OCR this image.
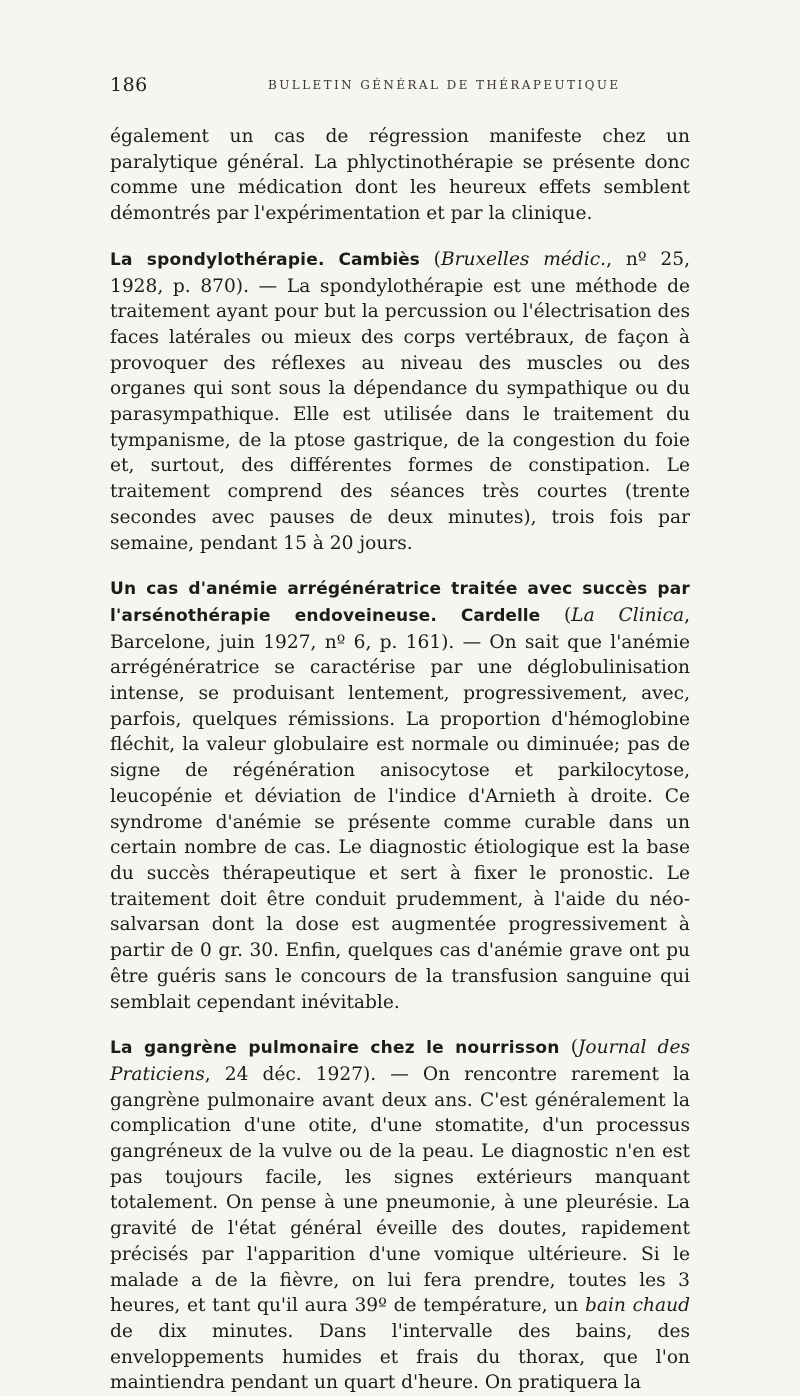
186	BULLETIN GÉNÉRAL DE THÉRAPEUTIQUE

également un cas de régression manifeste chez un paralytique général. La phlyctinothérapie se présente donc comme une médication dont les heureux effets semblent démontrés par l'expérimentation et par la clinique.

La spondylothérapie. Cambiès (Bruxelles médic., nº 25, 1928, p. 870). — La spondylothérapie est une méthode de traitement ayant pour but la percussion ou l'électrisation des faces latérales ou mieux des corps vertébraux, de façon à provoquer des réflexes au niveau des muscles ou des organes qui sont sous la dépendance du sympathique ou du parasympathique. Elle est utilisée dans le traitement du tympanisme, de la ptose gastrique, de la congestion du foie et, surtout, des différentes formes de constipation. Le traitement comprend des séances très courtes (trente secondes avec pauses de deux minutes), trois fois par semaine, pendant 15 à 20 jours.

Un cas d'anémie arrégénératrice traitée avec succès par l'arsénothérapie endoveineuse. Cardelle (La Clinica, Barcelone, juin 1927, nº 6, p. 161). — On sait que l'anémie arrégénératrice se caractérise par une déglobulinisation intense, se produisant lentement, progressivement, avec, parfois, quelques rémissions. La proportion d'hémoglobine fléchit, la valeur globulaire est normale ou diminuée; pas de signe de régénération anisocytose et parkilocytose, leucopénie et déviation de l'indice d'Arnieth à droite. Ce syndrome d'anémie se présente comme curable dans un certain nombre de cas. Le diagnostic étiologique est la base du succès thérapeutique et sert à fixer le pronostic. Le traitement doit être conduit prudemment, à l'aide du néo-salvarsan dont la dose est augmentée progressivement à partir de 0 gr. 30. Enfin, quelques cas d'anémie grave ont pu être guéris sans le concours de la transfusion sanguine qui semblait cependant inévitable.

La gangrène pulmonaire chez le nourrisson (Journal des Praticiens, 24 déc. 1927). — On rencontre rarement la gangrène pulmonaire avant deux ans. C'est généralement la complication d'une otite, d'une stomatite, d'un processus gangréneux de la vulve ou de la peau. Le diagnostic n'en est pas toujours facile, les signes extérieurs manquant totalement. On pense à une pneumonie, à une pleurésie. La gravité de l'état général éveille des doutes, rapidement précisés par l'apparition d'une vomique ultérieure. Si le malade a de la fièvre, on lui fera prendre, toutes les 3 heures, et tant qu'il aura 39º de température, un bain chaud de dix minutes. Dans l'intervalle des bains, des enveloppements humides et frais du thorax, que l'on maintiendra pendant un quart d'heure. On pratiquera la
